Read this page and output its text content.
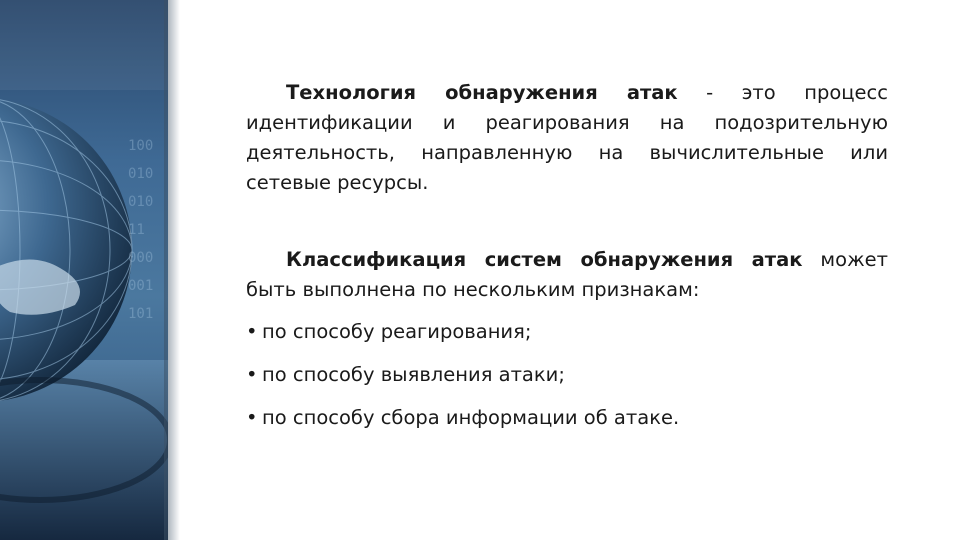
100
010
010
11
000
001
101

Технология обнаружения атак - это процесс идентификации и реагирования на подозрительную деятельность, направленную на вычислительные или сетевые ресурсы.

Классификация систем обнаружения атак может быть выполнена по нескольким признакам:

• по способу реагирования;
• по способу выявления атаки;
• по способу сбора информации об атаке.
